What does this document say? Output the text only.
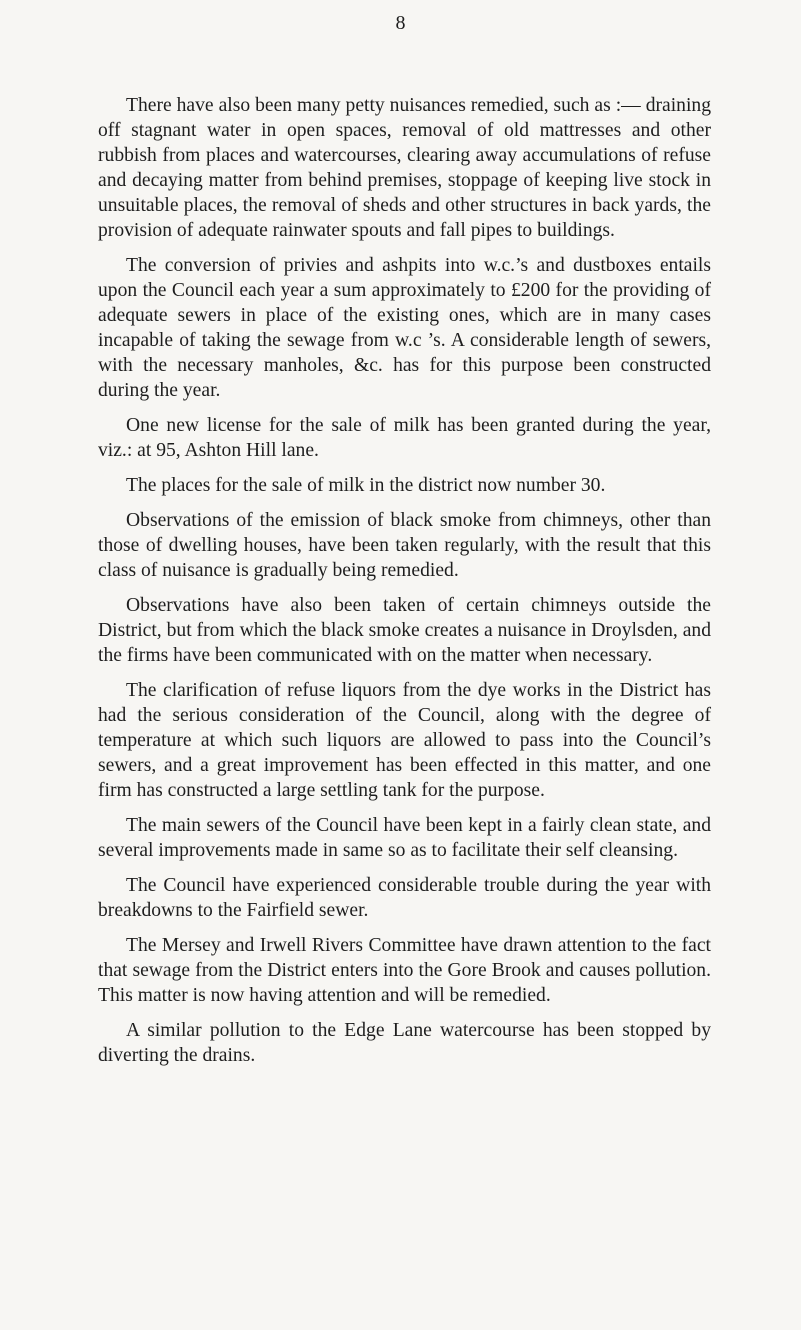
8

There have also been many petty nuisances remedied, such as :— draining off stagnant water in open spaces, removal of old mattresses and other rubbish from places and watercourses, clearing away accumulations of refuse and decaying matter from behind premises, stoppage of keeping live stock in unsuitable places, the removal of sheds and other structures in back yards, the provision of adequate rainwater spouts and fall pipes to buildings.

The conversion of privies and ashpits into w.c.’s and dustboxes entails upon the Council each year a sum approximately to £200 for the providing of adequate sewers in place of the existing ones, which are in many cases incapable of taking the sewage from w.c ’s. A considerable length of sewers, with the necessary manholes, &c. has for this purpose been constructed during the year.

One new license for the sale of milk has been granted during the year, viz.: at 95, Ashton Hill lane.

The places for the sale of milk in the district now number 30.

Observations of the emission of black smoke from chimneys, other than those of dwelling houses, have been taken regularly, with the result that this class of nuisance is gradually being remedied.

Observations have also been taken of certain chimneys outside the District, but from which the black smoke creates a nuisance in Droylsden, and the firms have been communicated with on the matter when necessary.

The clarification of refuse liquors from the dye works in the District has had the serious consideration of the Council, along with the degree of temperature at which such liquors are allowed to pass into the Council’s sewers, and a great improvement has been effected in this matter, and one firm has constructed a large settling tank for the purpose.

The main sewers of the Council have been kept in a fairly clean state, and several improvements made in same so as to facilitate their self cleansing.

The Council have experienced considerable trouble during the year with breakdowns to the Fairfield sewer.

The Mersey and Irwell Rivers Committee have drawn attention to the fact that sewage from the District enters into the Gore Brook and causes pollution. This matter is now having attention and will be remedied.

A similar pollution to the Edge Lane watercourse has been stopped by diverting the drains.
